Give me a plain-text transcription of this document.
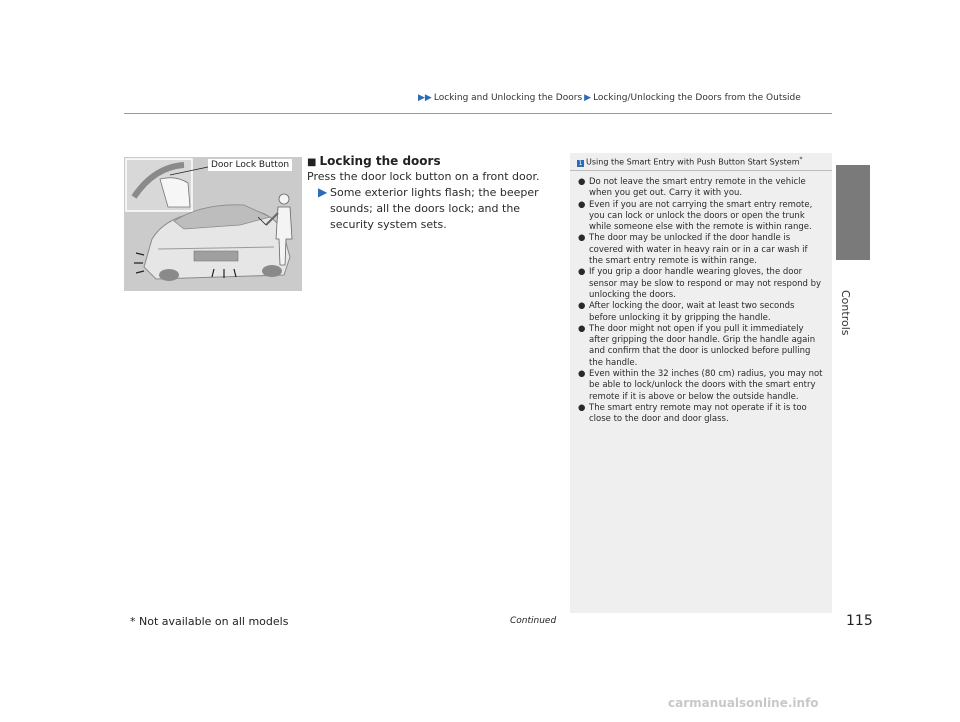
▶▶ Locking and Unlocking the Doors ▶ Locking/Unlocking the Doors from the Outside
Controls
Door Lock Button	■ Locking the doors
Press the door lock button on a front door.
▶ Some exterior lights flash; the beeper sounds; all the doors lock; and the security system sets.
1 Using the Smart Entry with Push Button Start System*
● Do not leave the smart entry remote in the vehicle when you get out. Carry it with you.
● Even if you are not carrying the smart entry remote, you can lock or unlock the doors or open the trunk while someone else with the remote is within range.
● The door may be unlocked if the door handle is covered with water in heavy rain or in a car wash if the smart entry remote is within range.
● If you grip a door handle wearing gloves, the door sensor may be slow to respond or may not respond by unlocking the doors.
● After locking the door, wait at least two seconds before unlocking it by gripping the handle.
● The door might not open if you pull it immediately after gripping the door handle. Grip the handle again and confirm that the door is unlocked before pulling the handle.
● Even within the 32 inches (80 cm) radius, you may not be able to lock/unlock the doors with the smart entry remote if it is above or below the outside handle.
● The smart entry remote may not operate if it is too close to the door and door glass.
* Not available on all models	Continued	115
carmanualsonline.info
